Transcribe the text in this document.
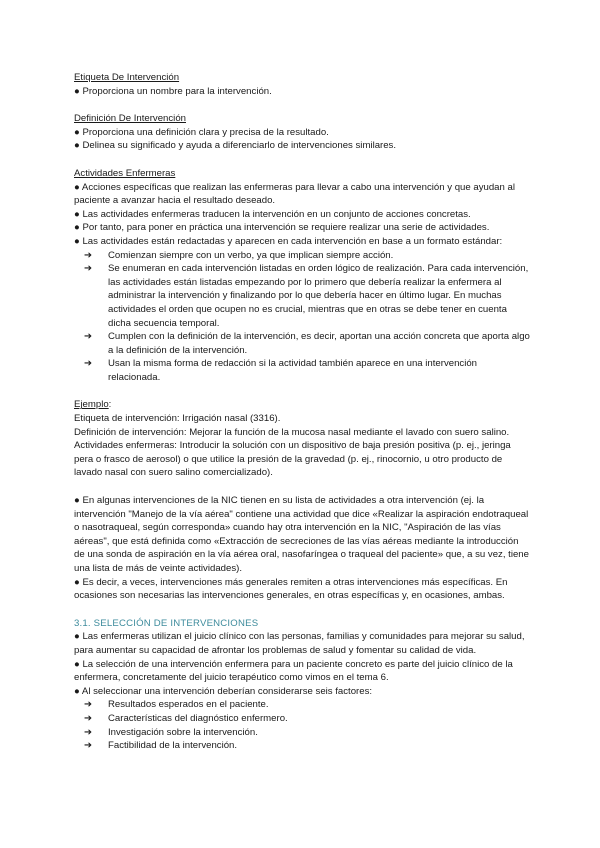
Etiqueta De Intervención

● Proporciona un nombre para la intervención.

Definición De Intervención

● Proporciona una definición clara y precisa de la resultado.

● Delinea su significado y ayuda a diferenciarlo de intervenciones similares.

Actividades Enfermeras

● Acciones específicas que realizan las enfermeras para llevar a cabo una intervención y que ayudan al paciente a avanzar hacia el resultado deseado.

● Las actividades enfermeras traducen la intervención en un conjunto de acciones concretas.

● Por tanto, para poner en práctica una intervención se requiere realizar una serie de actividades.

● Las actividades están redactadas y aparecen en cada intervención en base a un formato estándar:

➔	Comienzan siempre con un verbo, ya que implican siempre acción.

➔	Se enumeran en cada intervención listadas en orden lógico de realización. Para cada intervención, las actividades están listadas empezando por lo primero que debería realizar la enfermera al administrar la intervención y finalizando por lo que debería hacer en último lugar. En muchas actividades el orden que ocupen no es crucial, mientras que en otras se debe tener en cuenta dicha secuencia temporal.

➔	Cumplen con la definición de la intervención, es decir, aportan una acción concreta que aporta algo a la definición de la intervención.

➔	Usan la misma forma de redacción si la actividad también aparece en una intervención relacionada.

Ejemplo:

Etiqueta de intervención: Irrigación nasal (3316).

Definición de intervención: Mejorar la función de la mucosa nasal mediante el lavado con suero salino.

Actividades enfermeras: Introducir la solución con un dispositivo de baja presión positiva (p. ej., jeringa pera o frasco de aerosol) o que utilice la presión de la gravedad (p. ej., rinocornio, u otro producto de lavado nasal con suero salino comercializado).

● En algunas intervenciones de la NIC tienen en su lista de actividades a otra intervención (ej. la intervención "Manejo de la vía aérea" contiene una actividad que dice «Realizar la aspiración endotraqueal o nasotraqueal, según corresponda» cuando hay otra intervención en la NIC, "Aspiración de las vías aéreas", que está definida como «Extracción de secreciones de las vías aéreas mediante la introducción de una sonda de aspiración en la vía aérea oral, nasofaríngea o traqueal del paciente» que, a su vez, tiene una lista de más de veinte actividades).

● Es decir, a veces, intervenciones más generales remiten a otras intervenciones más específicas. En ocasiones son necesarias las intervenciones generales, en otras específicas y, en ocasiones, ambas.

3.1. SELECCIÓN DE INTERVENCIONES

● Las enfermeras utilizan el juicio clínico con las personas, familias y comunidades para mejorar su salud, para aumentar su capacidad de afrontar los problemas de salud y fomentar su calidad de vida.

● La selección de una intervención enfermera para un paciente concreto es parte del juicio clínico de la enfermera, concretamente del juicio terapéutico como vimos en el tema 6.

● Al seleccionar una intervención deberían considerarse seis factores:

➔	Resultados esperados en el paciente.

➔	Características del diagnóstico enfermero.

➔	Investigación sobre la intervención.

➔	Factibilidad de la intervención.
